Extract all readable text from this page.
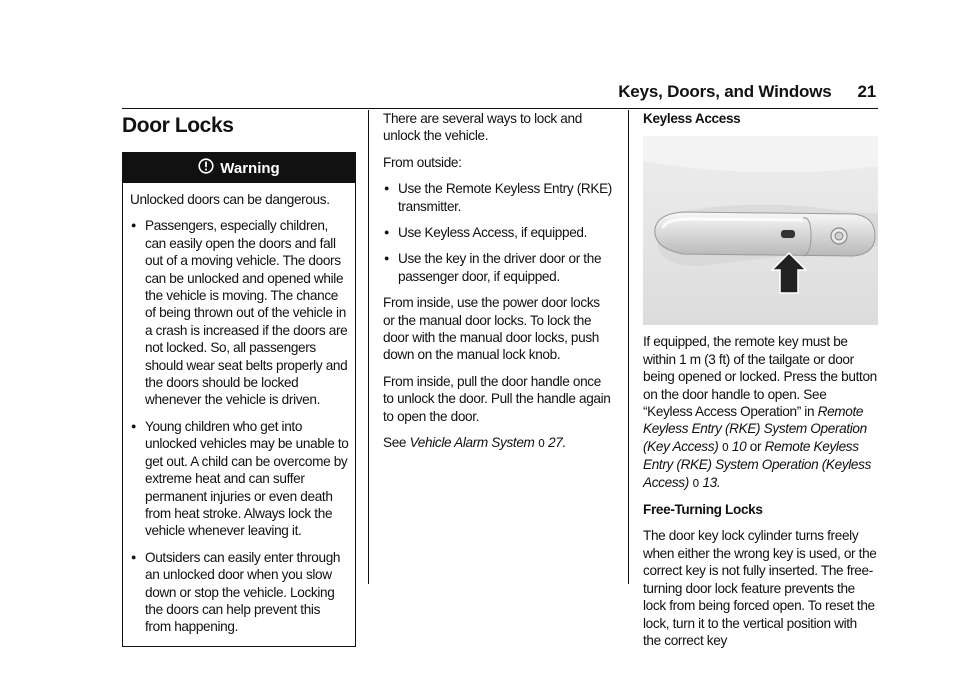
Keys, Doors, and Windows 21
Door Locks
Warning

Unlocked doors can be dangerous.

● Passengers, especially children, can easily open the doors and fall out of a moving vehicle. The doors can be unlocked and opened while the vehicle is moving. The chance of being thrown out of the vehicle in a crash is increased if the doors are not locked. So, all passengers should wear seat belts properly and the doors should be locked whenever the vehicle is driven.
● Young children who get into unlocked vehicles may be unable to get out. A child can be overcome by extreme heat and can suffer permanent injuries or even death from heat stroke. Always lock the vehicle whenever leaving it.
● Outsiders can easily enter through an unlocked door when you slow down or stop the vehicle. Locking the doors can help prevent this from happening.

There are several ways to lock and unlock the vehicle.

From outside:

● Use the Remote Keyless Entry (RKE) transmitter.
● Use Keyless Access, if equipped.
● Use the key in the driver door or the passenger door, if equipped.

From inside, use the power door locks or the manual door locks. To lock the door with the manual door locks, push down on the manual lock knob.

From inside, pull the door handle once to unlock the door. Pull the handle again to open the door.

See Vehicle Alarm System 0 27.

Keyless Access

If equipped, the remote key must be within 1 m (3 ft) of the tailgate or door being opened or locked. Press the button on the door handle to open. See “Keyless Access Operation” in Remote Keyless Entry (RKE) System Operation (Key Access) 0 10 or Remote Keyless Entry (RKE) System Operation (Keyless Access) 0 13.

Free-Turning Locks

The door key lock cylinder turns freely when either the wrong key is used, or the correct key is not fully inserted. The free-turning door lock feature prevents the lock from being forced open. To reset the lock, turn it to the vertical position with the correct key
